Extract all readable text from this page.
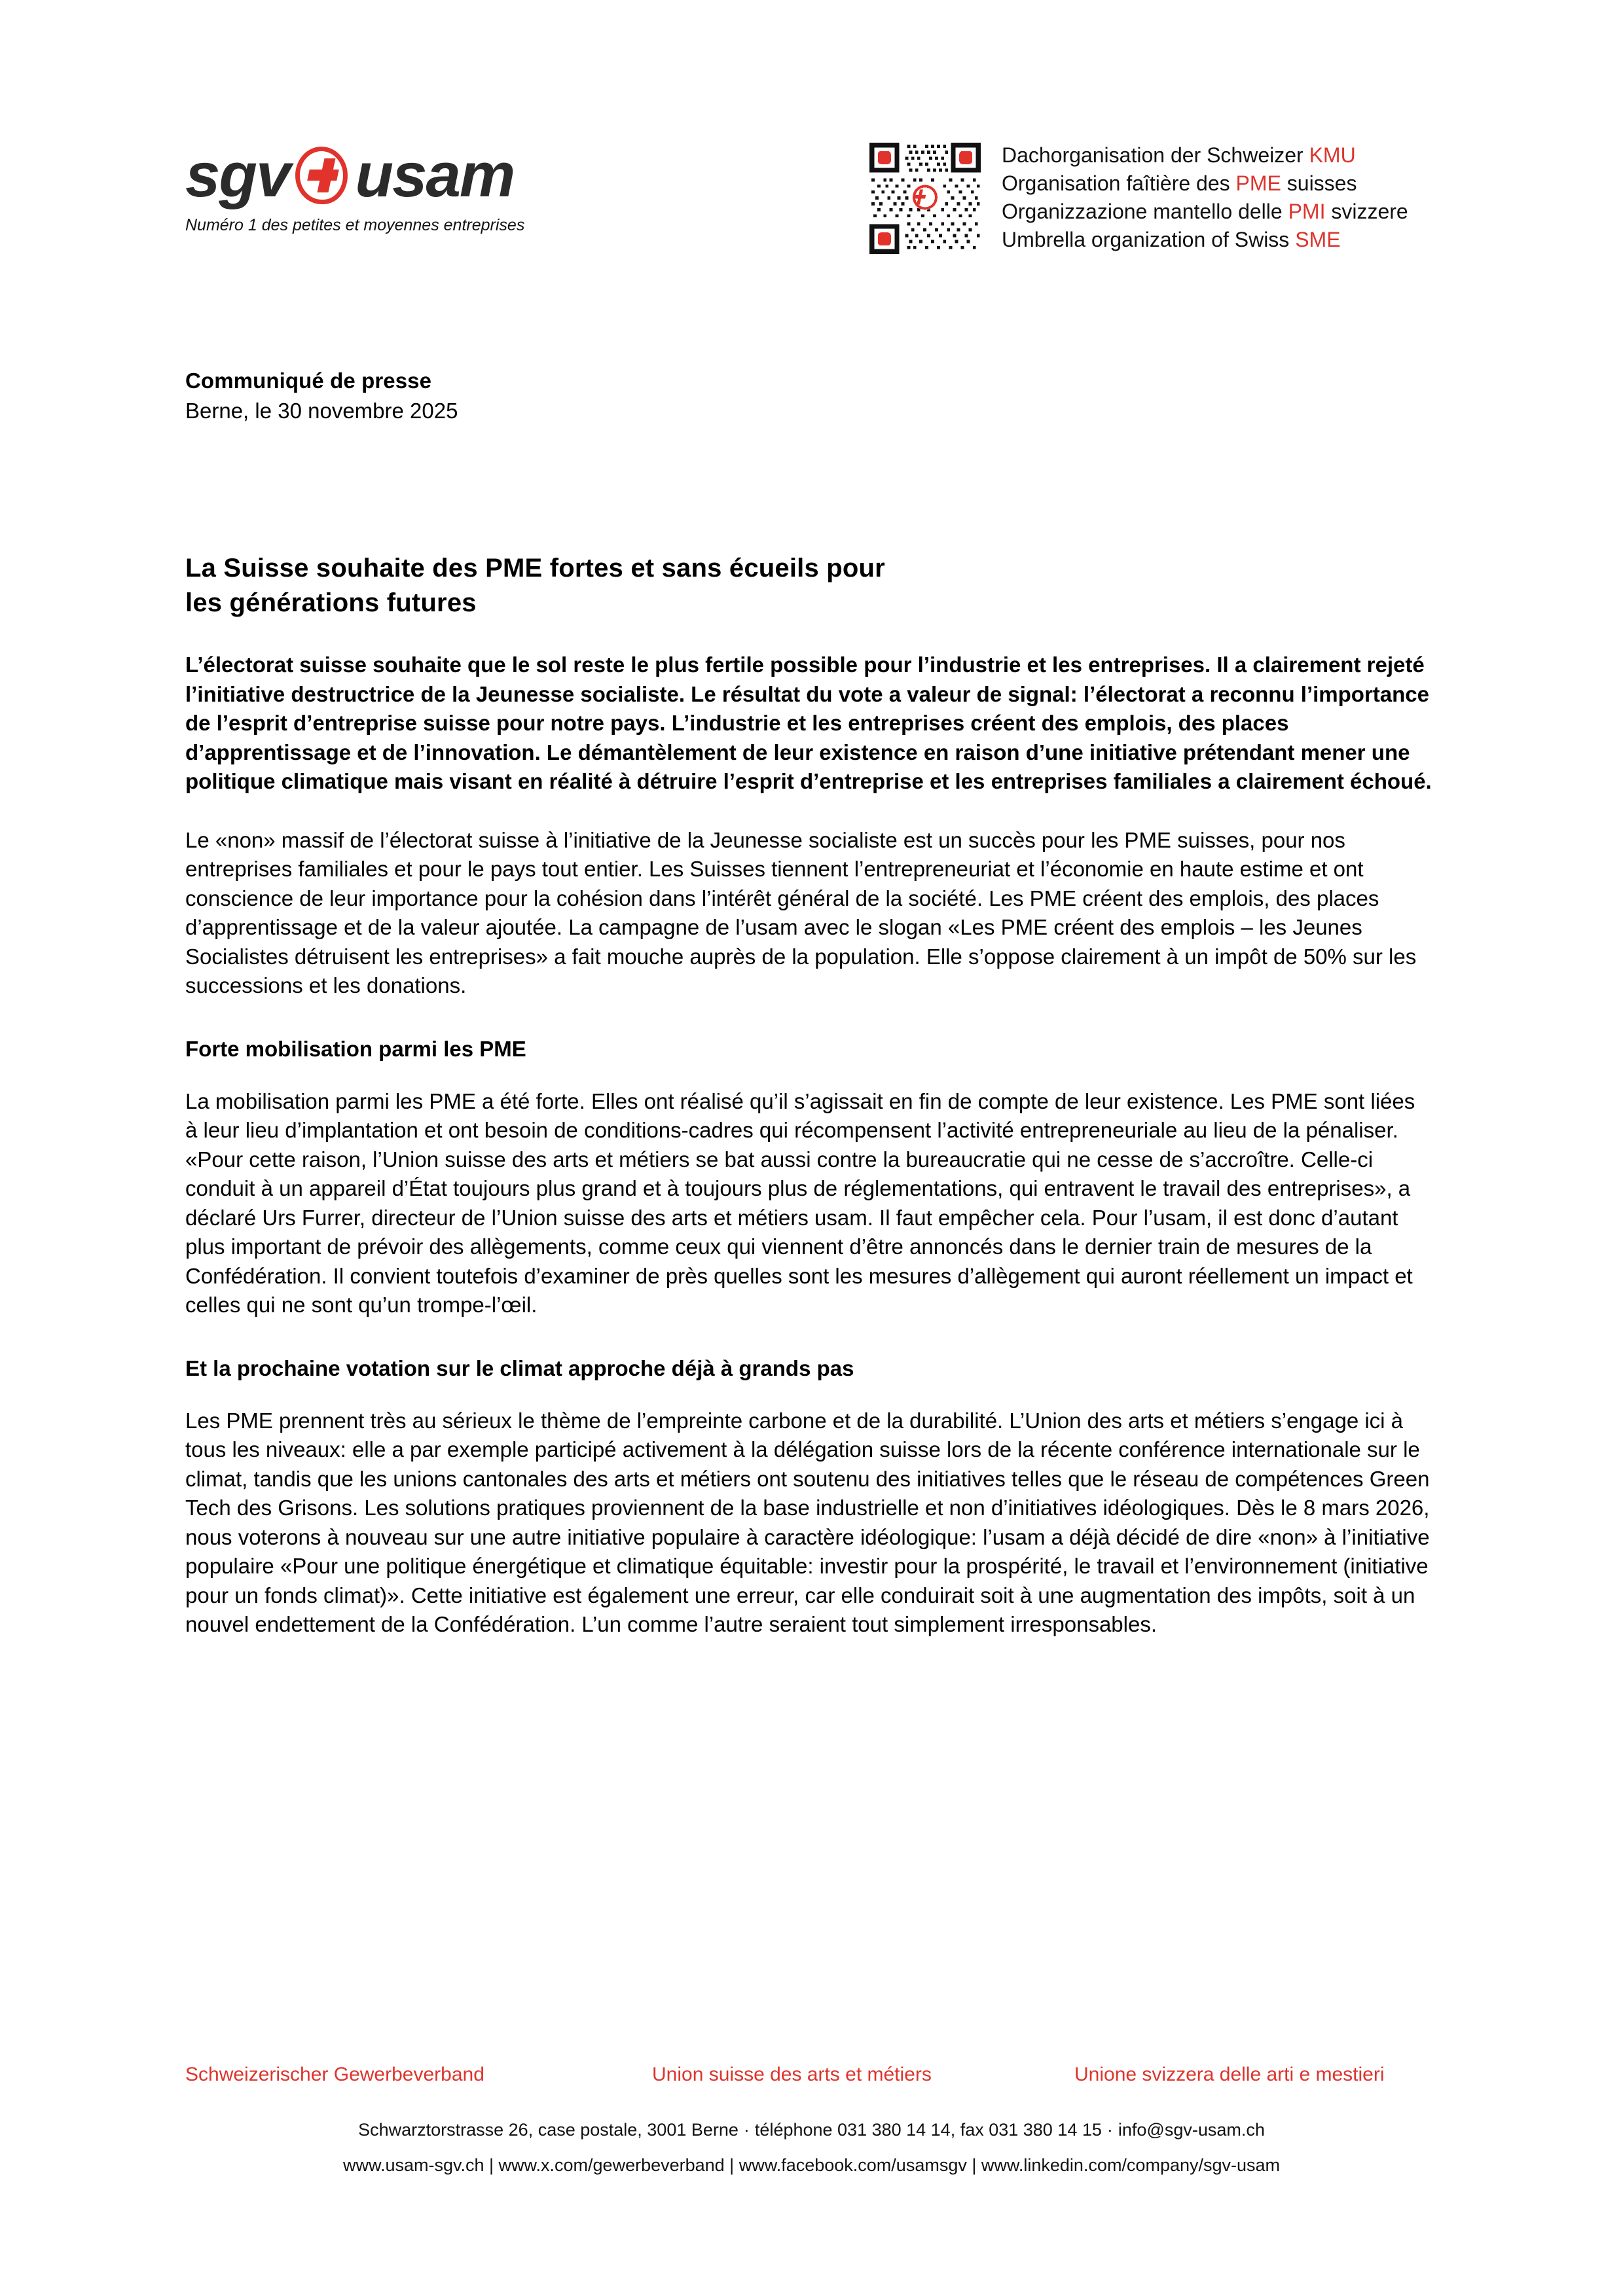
sgv usam
Numéro 1 des petites et moyennes entreprises
Dachorganisation der Schweizer KMU
Organisation faîtière des PME suisses
Organizzazione mantello delle PMI svizzere
Umbrella organization of Swiss SME
Communiqué de presse
Berne, le 30 novembre 2025
La Suisse souhaite des PME fortes et sans écueils pour
les générations futures

L’électorat suisse souhaite que le sol reste le plus fertile possible pour l’industrie et les entreprises. Il a clairement rejeté l’initiative destructrice de la Jeunesse socialiste. Le résultat du vote a valeur de signal: l’électorat a reconnu l’importance de l’esprit d’entreprise suisse pour notre pays. L’industrie et les entreprises créent des emplois, des places d’apprentissage et de l’innovation. Le démantèlement de leur existence en raison d’une initiative prétendant mener une politique climatique mais visant en réalité à détruire l’esprit d’entreprise et les entreprises familiales a clairement échoué.

Le «non» massif de l’électorat suisse à l’initiative de la Jeunesse socialiste est un succès pour les PME suisses, pour nos entreprises familiales et pour le pays tout entier. Les Suisses tiennent l’entrepreneuriat et l’économie en haute estime et ont conscience de leur importance pour la cohésion dans l’intérêt général de la société. Les PME créent des emplois, des places d’apprentissage et de la valeur ajoutée. La campagne de l’usam avec le slogan «Les PME créent des emplois – les Jeunes Socialistes détruisent les entreprises» a fait mouche auprès de la population. Elle s’oppose clairement à un impôt de 50% sur les successions et les donations.

Forte mobilisation parmi les PME

La mobilisation parmi les PME a été forte. Elles ont réalisé qu’il s’agissait en fin de compte de leur existence. Les PME sont liées à leur lieu d’implantation et ont besoin de conditions-cadres qui récompensent l’activité entrepreneuriale au lieu de la pénaliser. «Pour cette raison, l’Union suisse des arts et métiers se bat aussi contre la bureaucratie qui ne cesse de s’accroître. Celle-ci conduit à un appareil d’État toujours plus grand et à toujours plus de réglementations, qui entravent le travail des entreprises», a déclaré Urs Furrer, directeur de l’Union suisse des arts et métiers usam. Il faut empêcher cela. Pour l’usam, il est donc d’autant plus important de prévoir des allègements, comme ceux qui viennent d’être annoncés dans le dernier train de mesures de la Confédération. Il convient toutefois d’examiner de près quelles sont les mesures d’allègement qui auront réellement un impact et celles qui ne sont qu’un trompe-l’œil.

Et la prochaine votation sur le climat approche déjà à grands pas

Les PME prennent très au sérieux le thème de l’empreinte carbone et de la durabilité. L’Union des arts et métiers s’engage ici à tous les niveaux: elle a par exemple participé activement à la délégation suisse lors de la récente conférence internationale sur le climat, tandis que les unions cantonales des arts et métiers ont soutenu des initiatives telles que le réseau de compétences Green Tech des Grisons. Les solutions pratiques proviennent de la base industrielle et non d’initiatives idéologiques. Dès le 8 mars 2026, nous voterons à nouveau sur une autre initiative populaire à caractère idéologique: l’usam a déjà décidé de dire «non» à l’initiative populaire «Pour une politique énergétique et climatique équitable: investir pour la prospérité, le travail et l’environnement (initiative pour un fonds climat)». Cette initiative est également une erreur, car elle conduirait soit à une augmentation des impôts, soit à un nouvel endettement de la Confédération. L’un comme l’autre seraient tout simplement irresponsables.

Schweizerischer Gewerbeverband	Union suisse des arts et métiers	Unione svizzera delle arti e mestieri
Schwarztorstrasse 26, case postale, 3001 Berne · téléphone 031 380 14 14, fax 031 380 14 15 · info@sgv-usam.ch
www.usam-sgv.ch | www.x.com/gewerbeverband | www.facebook.com/usamsgv | www.linkedin.com/company/sgv-usam
